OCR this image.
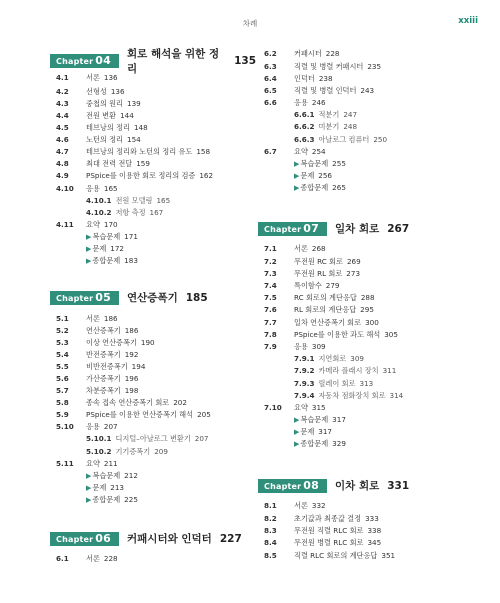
차례	xxiii
Chapter 04	회로 해석을 위한 정리
135
4.1 서론 136
4.2 선형성 136
4.3 중첩의 원리 139
4.4 전원 변환 144
4.5 테브낭의 정리 148
4.6 노턴의 정리 154
4.7 테브낭의 정리와 노턴의 정리 유도 158
4.8 최대 전력 전달 159
4.9 PSpice를 이용한 회로 정리의 검증 162
4.10 응용 165
4.10.1 전원 모델링 165
4.10.2 저항 측정 167
4.11 요약 170
▶복습문제 171
▶문제 172
▶종합문제 183
Chapter 05	연산증폭기 185
5.1 서론 186
5.2 연산증폭기 186
5.3 이상 연산증폭기 190
5.4 반전증폭기 192
5.5 비반전증폭기 194
5.6 가산증폭기 196
5.7 차분증폭기 198
5.8 종속 접속 연산증폭기 회로 202
5.9 PSpice를 이용한 연산증폭기 해석 205
5.10 응용 207
5.10.1 디지털–아날로그 변환기 207
5.10.2 기기증폭기 209
5.11 요약 211
▶복습문제 212
▶문제 213
▶종합문제 225
Chapter 06	커패시터와 인덕터 227
6.1 서론 228
6.2 커패시터 228
6.3 직렬 및 병렬 커패시터 235
6.4 인덕터 238
6.5 직렬 및 병렬 인덕터 243
6.6 응용 246
6.6.1 적분기 247
6.6.2 미분기 248
6.6.3 아날로그 컴퓨터 250
6.7 요약 254
▶복습문제 255
▶문제 256
▶종합문제 265
Chapter 07	일차 회로 267
7.1 서론 268
7.2 무전원 RC 회로 269
7.3 무전원 RL 회로 273
7.4 특이함수 279
7.5 RC 회로의 계단응답 288
7.6 RL 회로의 계단응답 295
7.7 일차 연산증폭기 회로 300
7.8 PSpice를 이용한 과도 해석 305
7.9 응용 309
7.9.1 지연회로 309
7.9.2 카메라 플래시 장치 311
7.9.3 릴레이 회로 313
7.9.4 자동차 점화장치 회로 314
7.10 요약 315
▶복습문제 317
▶문제 317
▶종합문제 329
Chapter 08	이차 회로 331
8.1 서론 332
8.2 초기값과 최종값 결정 333
8.3 무전원 직렬 RLC 회로 338
8.4 무전원 병렬 RLC 회로 345
8.5 직렬 RLC 회로의 계단응답 351
